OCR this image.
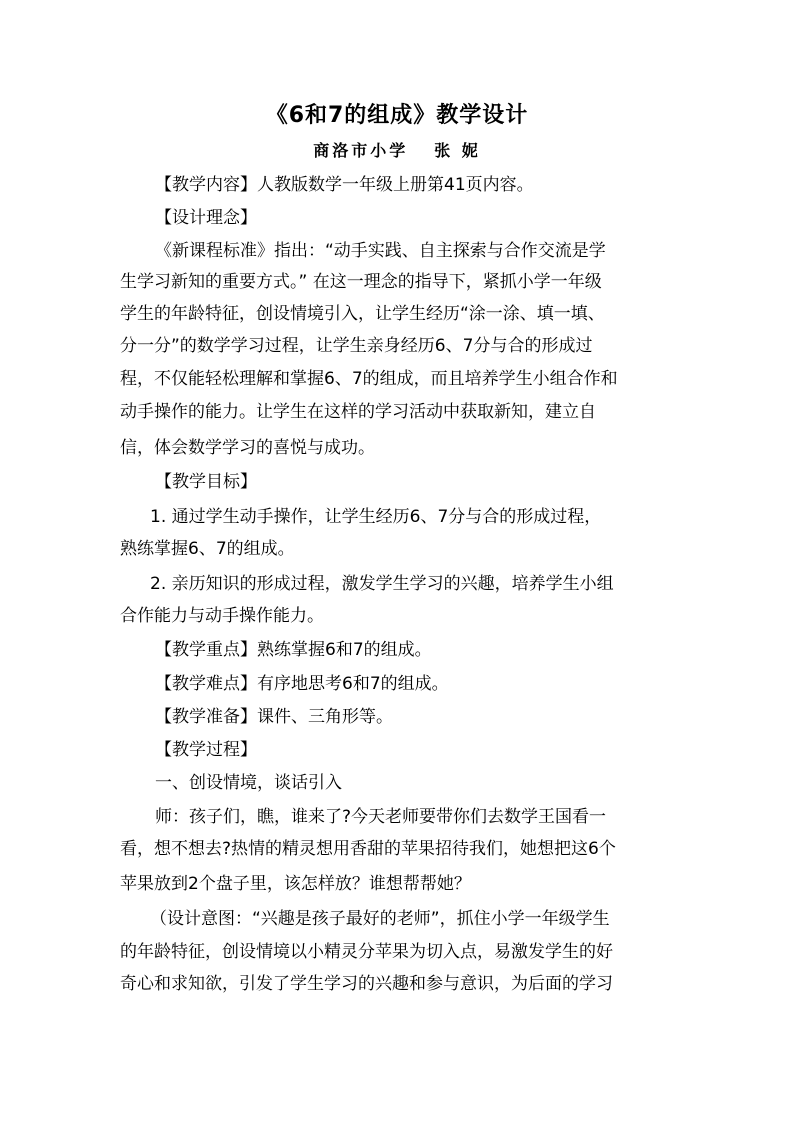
《6和7的组成》教学设计
商洛市小学 张 妮
【教学内容】人教版数学一年级上册第41页内容。
【设计理念】
《新课程标准》指出：“动手实践、自主探索与合作交流是学
生学习新知的重要方式。” 在这一理念的指导下，紧抓小学一年级
学生的年龄特征，创设情境引入，让学生经历“涂一涂、填一填、
分一分”的数学学习过程，让学生亲身经历6、7分与合的形成过
程，不仅能轻松理解和掌握6、7的组成，而且培养学生小组合作和
动手操作的能力。让学生在这样的学习活动中获取新知，建立自
信，体会数学学习的喜悦与成功。
【教学目标】
1. 通过学生动手操作，让学生经历6、7分与合的形成过程，
熟练掌握6、7的组成。
2. 亲历知识的形成过程，激发学生学习的兴趣，培养学生小组
合作能力与动手操作能力。
【教学重点】熟练掌握6和7的组成。
【教学难点】有序地思考6和7的组成。
【教学准备】课件、三角形等。
【教学过程】
一、创设情境，谈话引入
师：孩子们，瞧，谁来了?今天老师要带你们去数学王国看一
看，想不想去?热情的精灵想用香甜的苹果招待我们，她想把这6个
苹果放到2个盘子里，该怎样放？谁想帮帮她？
（设计意图：“兴趣是孩子最好的老师”，抓住小学一年级学生
的年龄特征，创设情境以小精灵分苹果为切入点，易激发学生的好
奇心和求知欲，引发了学生学习的兴趣和参与意识，为后面的学习
